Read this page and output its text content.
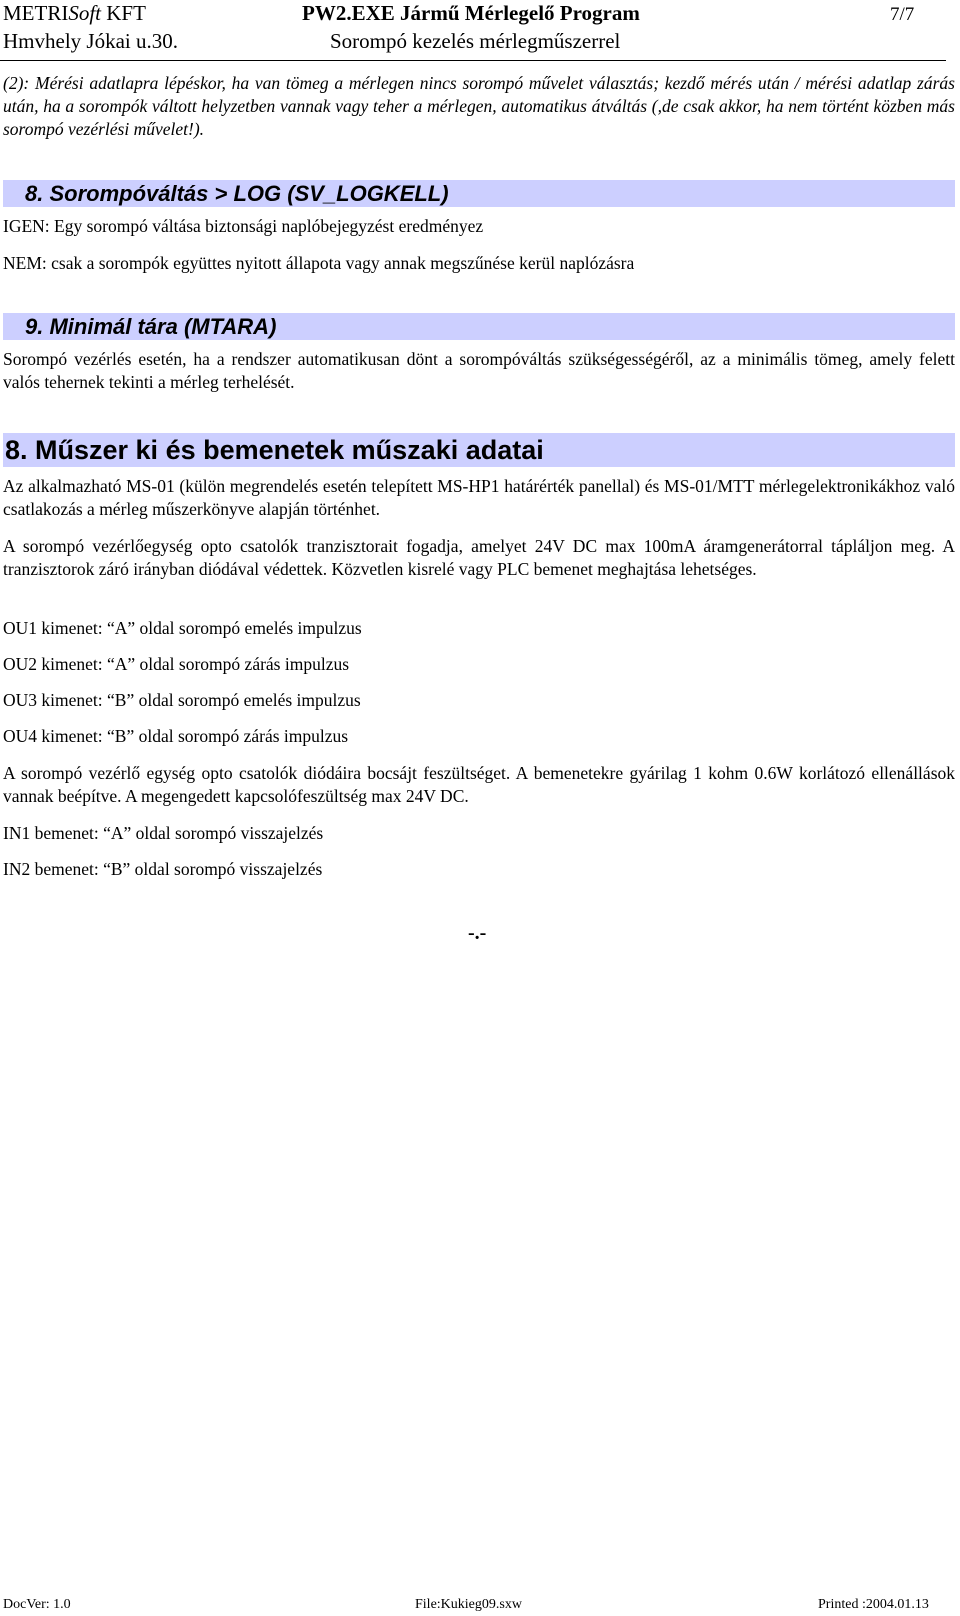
METRISoft KFT
Hmvhely Jókai u.30.
PW2.EXE Jármű Mérlegelő Program
Sorompó kezelés mérlegműszerrel
7/7
(2): Mérési adatlapra lépéskor, ha van tömeg a mérlegen nincs sorompó művelet választás; kezdő mérés után / mérési adatlap zárás után, ha a sorompók váltott helyzetben vannak vagy teher a mérlegen, automatikus átváltás (,de csak akkor, ha nem történt közben más sorompó vezérlési művelet!).
8. Sorompóváltás > LOG (SV_LOGKELL)
IGEN: Egy sorompó váltása biztonsági naplóbejegyzést eredményez
NEM: csak a sorompók együttes nyitott állapota vagy annak megszűnése kerül naplózásra
9. Minimál tára (MTARA)
Sorompó vezérlés esetén, ha a rendszer automatikusan dönt a sorompóváltás szükségességéről, az a minimális tömeg, amely felett valós tehernek tekinti a mérleg terhelését.
8. Műszer ki és bemenetek műszaki adatai
Az alkalmazható MS-01 (külön megrendelés esetén telepített MS-HP1 határérték panellal) és MS-01/MTT mérlegelektronikákhoz való csatlakozás a mérleg műszerkönyve alapján történhet.
A sorompó vezérlőegység opto csatolók tranzisztorait fogadja, amelyet 24V DC max 100mA áramgenerátorral tápláljon meg. A tranzisztorok záró irányban diódával védettek. Közvetlen kisrelé vagy PLC bemenet meghajtása lehetséges.
OU1 kimenet: “A” oldal sorompó emelés impulzus
OU2 kimenet: “A” oldal sorompó zárás impulzus
OU3 kimenet: “B” oldal sorompó emelés impulzus
OU4 kimenet: “B” oldal sorompó zárás impulzus
A sorompó vezérlő egység opto csatolók diódáira bocsájt feszültséget. A bemenetekre gyárilag 1 kohm 0.6W korlátozó ellenállások vannak beépítve. A megengedett kapcsolófeszültség max 24V DC.
IN1 bemenet: “A” oldal sorompó visszajelzés
IN2 bemenet: “B” oldal sorompó visszajelzés
-.-
DocVer: 1.0	File:Kukieg09.sxw	Printed :2004.01.13
